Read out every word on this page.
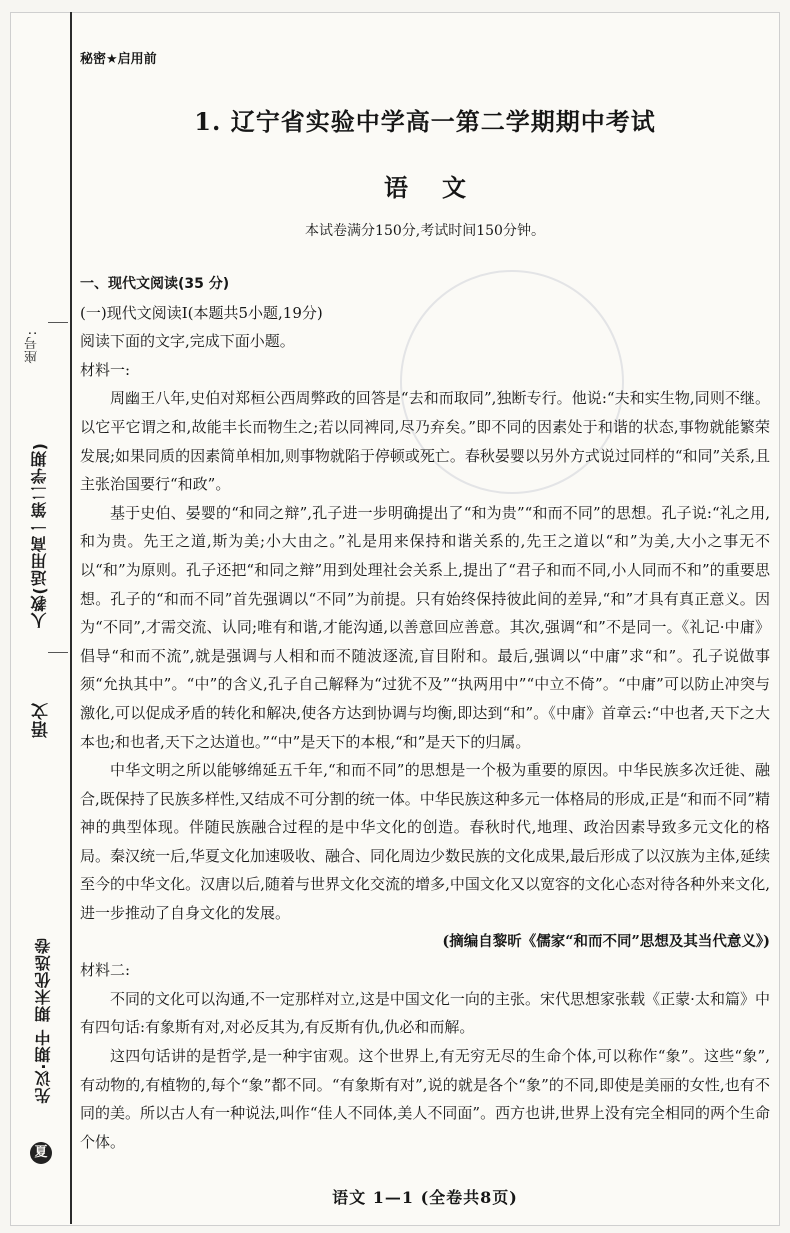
座号:
人教(适用高一第二学期)
语文
先议·期中 期末优选卷
夏
秘密★启用前
1. 辽宁省实验中学高一第二学期期中考试
语文
本试卷满分150分,考试时间150分钟。
一、现代文阅读(35 分)
(一)现代文阅读Ⅰ(本题共5小题,19分)
阅读下面的文字,完成下面小题。

材料一:

周幽王八年,史伯对郑桓公西周弊政的回答是“去和而取同”,独断专行。他说:“夫和实生物,同则不继。以它平它谓之和,故能丰长而物生之;若以同裨同,尽乃弃矣。”即不同的因素处于和谐的状态,事物就能繁荣发展;如果同质的因素简单相加,则事物就陷于停顿或死亡。春秋晏婴以另外方式说过同样的“和同”关系,且主张治国要行“和政”。

基于史伯、晏婴的“和同之辩”,孔子进一步明确提出了“和为贵”“和而不同”的思想。孔子说:“礼之用,和为贵。先王之道,斯为美;小大由之。”礼是用来保持和谐关系的,先王之道以“和”为美,大小之事无不以“和”为原则。孔子还把“和同之辩”用到处理社会关系上,提出了“君子和而不同,小人同而不和”的重要思想。孔子的“和而不同”首先强调以“不同”为前提。只有始终保持彼此间的差异,“和”才具有真正意义。因为“不同”,才需交流、认同;唯有和谐,才能沟通,以善意回应善意。其次,强调“和”不是同一。《礼记·中庸》倡导“和而不流”,就是强调与人相和而不随波逐流,盲目附和。最后,强调以“中庸”求“和”。孔子说做事须“允执其中”。“中”的含义,孔子自己解释为“过犹不及”“执两用中”“中立不倚”。“中庸”可以防止冲突与激化,可以促成矛盾的转化和解决,使各方达到协调与均衡,即达到“和”。《中庸》首章云:“中也者,天下之大本也;和也者,天下之达道也。”“中”是天下的本根,“和”是天下的归属。

中华文明之所以能够绵延五千年,“和而不同”的思想是一个极为重要的原因。中华民族多次迁徙、融合,既保持了民族多样性,又结成不可分割的统一体。中华民族这种多元一体格局的形成,正是“和而不同”精神的典型体现。伴随民族融合过程的是中华文化的创造。春秋时代,地理、政治因素导致多元文化的格局。秦汉统一后,华夏文化加速吸收、融合、同化周边少数民族的文化成果,最后形成了以汉族为主体,延续至今的中华文化。汉唐以后,随着与世界文化交流的增多,中国文化又以宽容的文化心态对待各种外来文化,进一步推动了自身文化的发展。

(摘编自黎昕《儒家“和而不同”思想及其当代意义》)

材料二:

不同的文化可以沟通,不一定那样对立,这是中国文化一向的主张。宋代思想家张载《正蒙·太和篇》中有四句话:有象斯有对,对必反其为,有反斯有仇,仇必和而解。

这四句话讲的是哲学,是一种宇宙观。这个世界上,有无穷无尽的生命个体,可以称作“象”。这些“象”,有动物的,有植物的,每个“象”都不同。“有象斯有对”,说的就是各个“象”的不同,即使是美丽的女性,也有不同的美。所以古人有一种说法,叫作“佳人不同体,美人不同面”。西方也讲,世界上没有完全相同的两个生命个体。

语文 1—1 (全卷共8页)
